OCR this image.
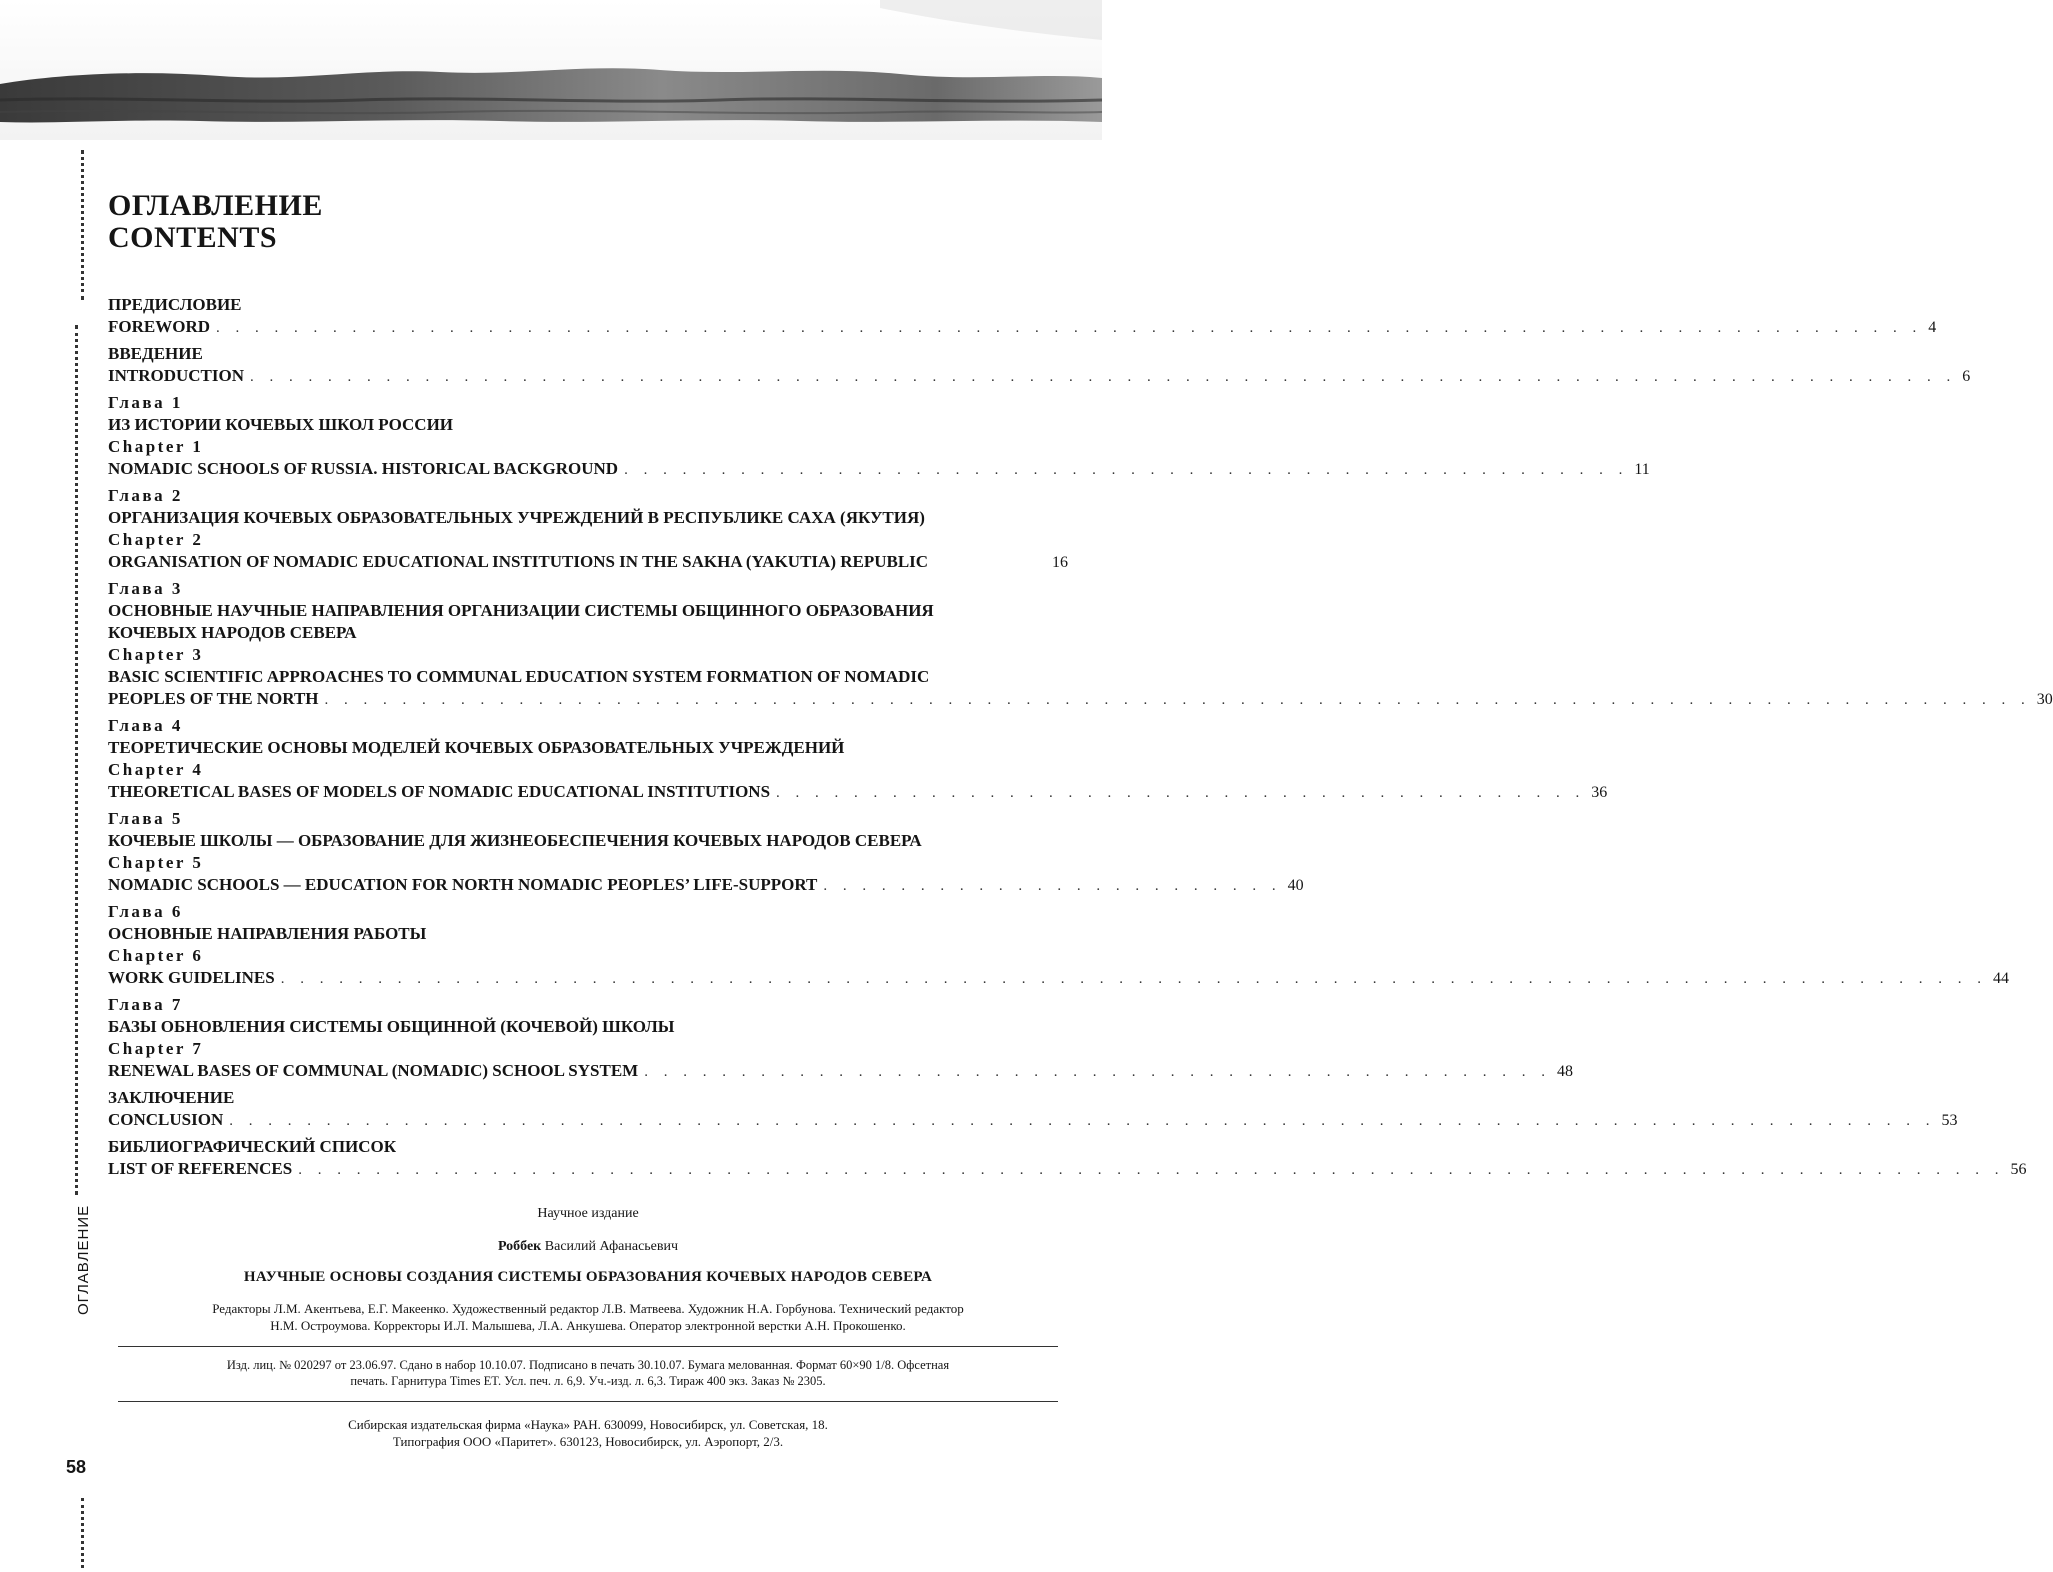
ОГЛАВЛЕНИЕ
58
ОГЛАВЛЕНИЕ
CONTENTS
ПРЕДИСЛОВИЕ
FOREWORD . . . . . . . . . . . . . . . . . . . . . . . . . . . . . . . . . . . . . . . . . . . . . . . . . . . . . . . . . . . . . . . . . . . . . . . . . . . . . . . . . . . . . . . . 4
ВВЕДЕНИЕ
INTRODUCTION . . . . . . . . . . . . . . . . . . . . . . . . . . . . . . . . . . . . . . . . . . . . . . . . . . . . . . . . . . . . . . . . . . . . . . . . . . . . . . . . . . . . . . . . 6
Глава 1
ИЗ ИСТОРИИ КОЧЕВЫХ ШКОЛ РОССИИ
Chapter 1
NOMADIC SCHOOLS OF RUSSIA. HISTORICAL BACKGROUND . . . . . . . . . . . . . . . . . . . . . . . . . . . . . . . . . . . . . . . . . . . . . . . . . . . . 11
Глава 2
ОРГАНИЗАЦИЯ КОЧЕВЫХ ОБРАЗОВАТЕЛЬНЫХ УЧРЕЖДЕНИЙ В РЕСПУБЛИКЕ САХА (ЯКУТИЯ)
Chapter 2
ORGANISATION OF NOMADIC EDUCATIONAL INSTITUTIONS IN THE SAKHA (YAKUTIA) REPUBLIC	16
Глава 3
ОСНОВНЫЕ НАУЧНЫЕ НАПРАВЛЕНИЯ ОРГАНИЗАЦИИ СИСТЕМЫ ОБЩИННОГО ОБРАЗОВАНИЯ
КОЧЕВЫХ НАРОДОВ СЕВЕРА
Chapter 3
BASIC SCIENTIFIC APPROACHES TO COMMUNAL EDUCATION SYSTEM FORMATION OF NOMADIC
PEOPLES OF THE NORTH . . . . . . . . . . . . . . . . . . . . . . . . . . . . . . . . . . . . . . . . . . . . . . . . . . . . . . . . . . . . . . . . . . . . . . . . . . . . . . . . . . . . . . . . 30
Глава 4
ТЕОРЕТИЧЕСКИЕ ОСНОВЫ МОДЕЛЕЙ КОЧЕВЫХ ОБРАЗОВАТЕЛЬНЫХ УЧРЕЖДЕНИЙ
Chapter 4
THEORETICAL BASES OF MODELS OF NOMADIC EDUCATIONAL INSTITUTIONS . . . . . . . . . . . . . . . . . . . . . . . . . . . . . . . . . . . . . . . . . . 36
Глава 5
КОЧЕВЫЕ ШКОЛЫ — ОБРАЗОВАНИЕ ДЛЯ ЖИЗНЕОБЕСПЕЧЕНИЯ КОЧЕВЫХ НАРОДОВ СЕВЕРА
Chapter 5
NOMADIC SCHOOLS — EDUCATION FOR NORTH NOMADIC PEOPLES’ LIFE-SUPPORT . . . . . . . . . . . . . . . . . . . . . . . . 40
Глава 6
ОСНОВНЫЕ НАПРАВЛЕНИЯ РАБОТЫ
Chapter 6
WORK GUIDELINES . . . . . . . . . . . . . . . . . . . . . . . . . . . . . . . . . . . . . . . . . . . . . . . . . . . . . . . . . . . . . . . . . . . . . . . . . . . . . . . . . . . . . . . . 44
Глава 7
БАЗЫ ОБНОВЛЕНИЯ СИСТЕМЫ ОБЩИННОЙ (КОЧЕВОЙ) ШКОЛЫ
Chapter 7
RENEWAL BASES OF COMMUNAL (NOMADIC) SCHOOL SYSTEM . . . . . . . . . . . . . . . . . . . . . . . . . . . . . . . . . . . . . . . . . . . . . . . 48
ЗАКЛЮЧЕНИЕ
CONCLUSION . . . . . . . . . . . . . . . . . . . . . . . . . . . . . . . . . . . . . . . . . . . . . . . . . . . . . . . . . . . . . . . . . . . . . . . . . . . . . . . . . . . . . . . . 53
БИБЛИОГРАФИЧЕСКИЙ СПИСОК
LIST OF REFERENCES . . . . . . . . . . . . . . . . . . . . . . . . . . . . . . . . . . . . . . . . . . . . . . . . . . . . . . . . . . . . . . . . . . . . . . . . . . . . . . . . . . . . . . . . 56
Научное издание
Роббек Василий Афанасьевич
НАУЧНЫЕ ОСНОВЫ СОЗДАНИЯ СИСТЕМЫ ОБРАЗОВАНИЯ КОЧЕВЫХ НАРОДОВ СЕВЕРА
Редакторы Л.М. Акентьева, Е.Г. Макеенко. Художественный редактор Л.В. Матвеева. Художник Н.А. Горбунова. Технический редактор
Н.М. Остроумова. Корректоры И.Л. Малышева, Л.А. Анкушева. Оператор электронной верстки А.Н. Прокошенко.
Изд. лиц. № 020297 от 23.06.97. Сдано в набор 10.10.07. Подписано в печать 30.10.07. Бумага мелованная. Формат 60×90 1/8. Офсетная
печать. Гарнитура Times ET. Усл. печ. л. 6,9. Уч.-изд. л. 6,3. Тираж 400 экз. Заказ № 2305.
Сибирская издательская фирма «Наука» РАН. 630099, Новосибирск, ул. Советская, 18.
Типография ООО «Паритет». 630123, Новосибирск, ул. Аэропорт, 2/3.
